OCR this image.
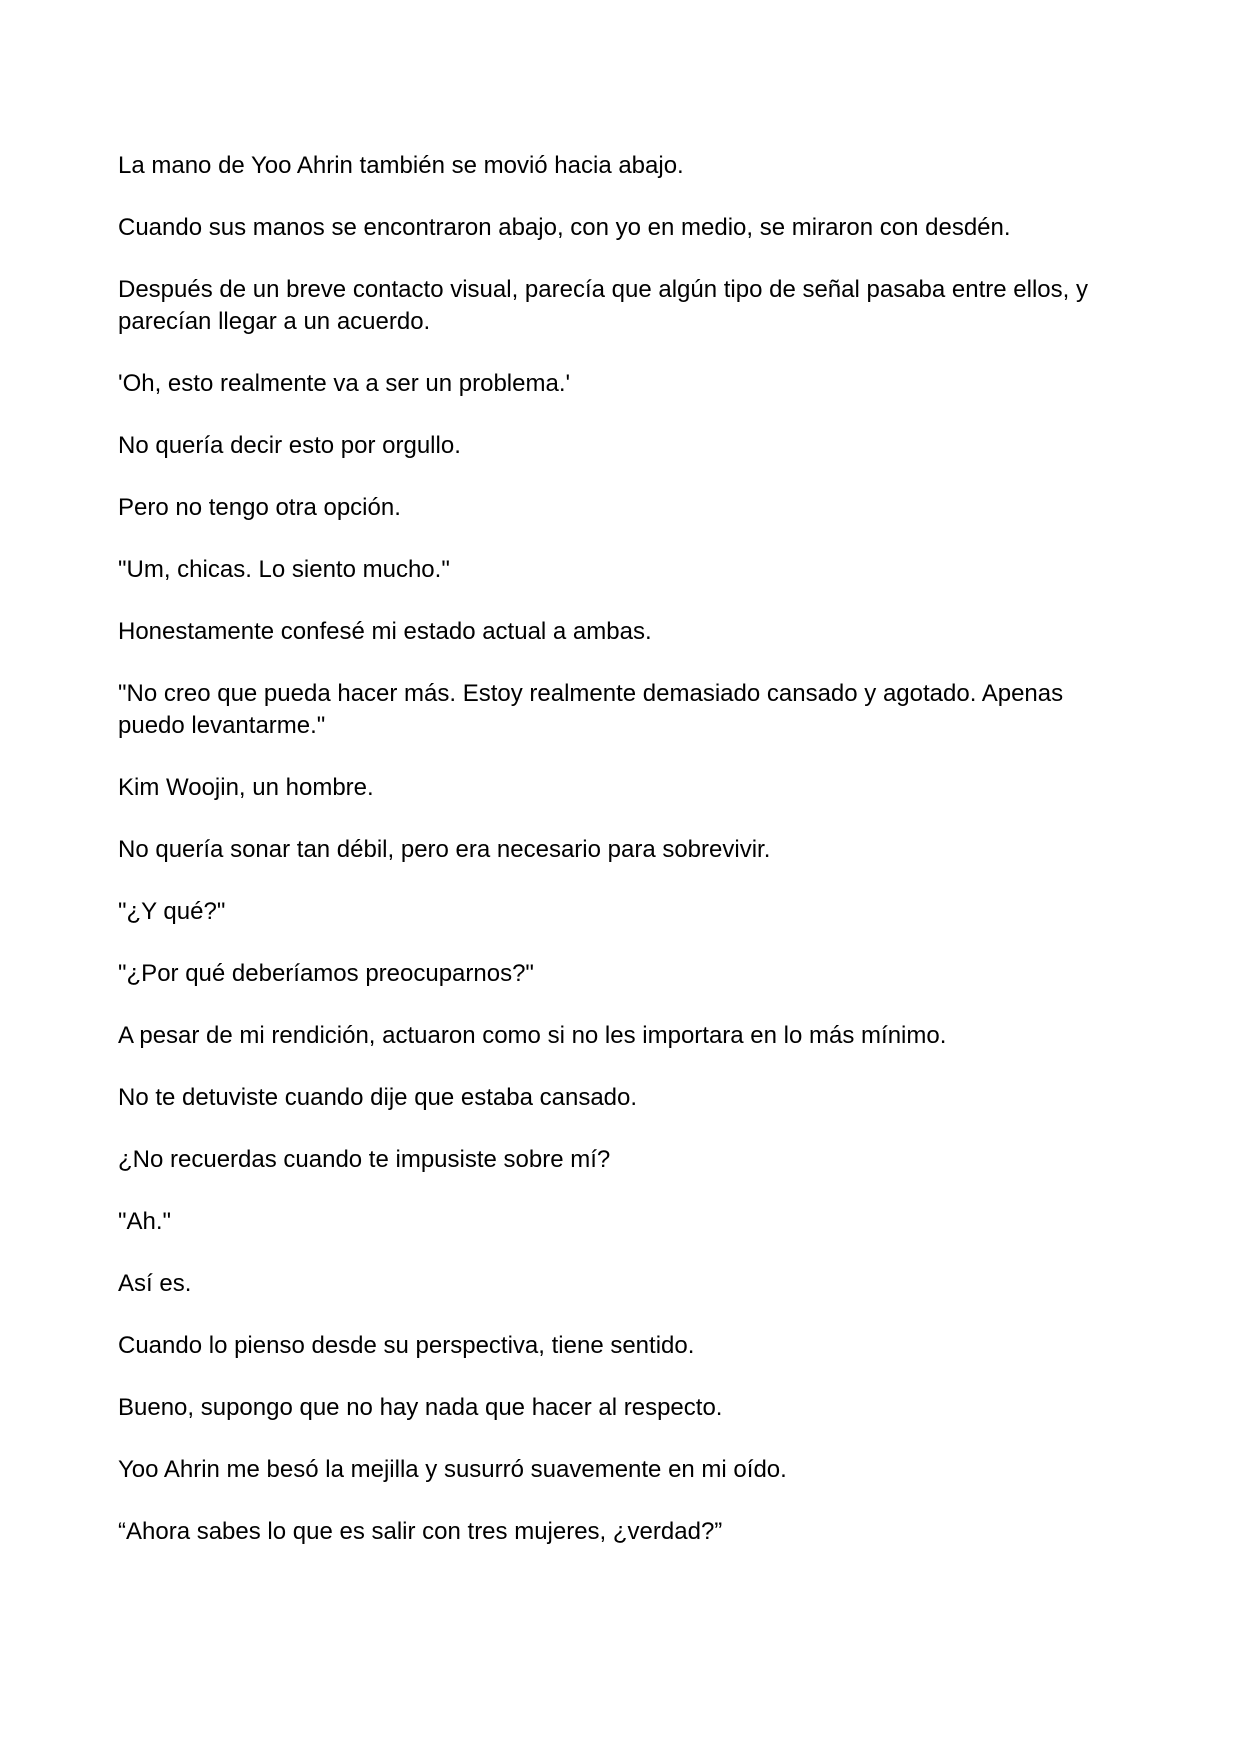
La mano de Yoo Ahrin también se movió hacia abajo.

Cuando sus manos se encontraron abajo, con yo en medio, se miraron con desdén.

Después de un breve contacto visual, parecía que algún tipo de señal pasaba entre ellos, y parecían llegar a un acuerdo.

'Oh, esto realmente va a ser un problema.'

No quería decir esto por orgullo.

Pero no tengo otra opción.

"Um, chicas. Lo siento mucho."

Honestamente confesé mi estado actual a ambas.

"No creo que pueda hacer más. Estoy realmente demasiado cansado y agotado. Apenas puedo levantarme."

Kim Woojin, un hombre.

No quería sonar tan débil, pero era necesario para sobrevivir.

"¿Y qué?"

"¿Por qué deberíamos preocuparnos?"

A pesar de mi rendición, actuaron como si no les importara en lo más mínimo.

No te detuviste cuando dije que estaba cansado.

¿No recuerdas cuando te impusiste sobre mí?

"Ah."

Así es.

Cuando lo pienso desde su perspectiva, tiene sentido.

Bueno, supongo que no hay nada que hacer al respecto.

Yoo Ahrin me besó la mejilla y susurró suavemente en mi oído.

“Ahora sabes lo que es salir con tres mujeres, ¿verdad?”
